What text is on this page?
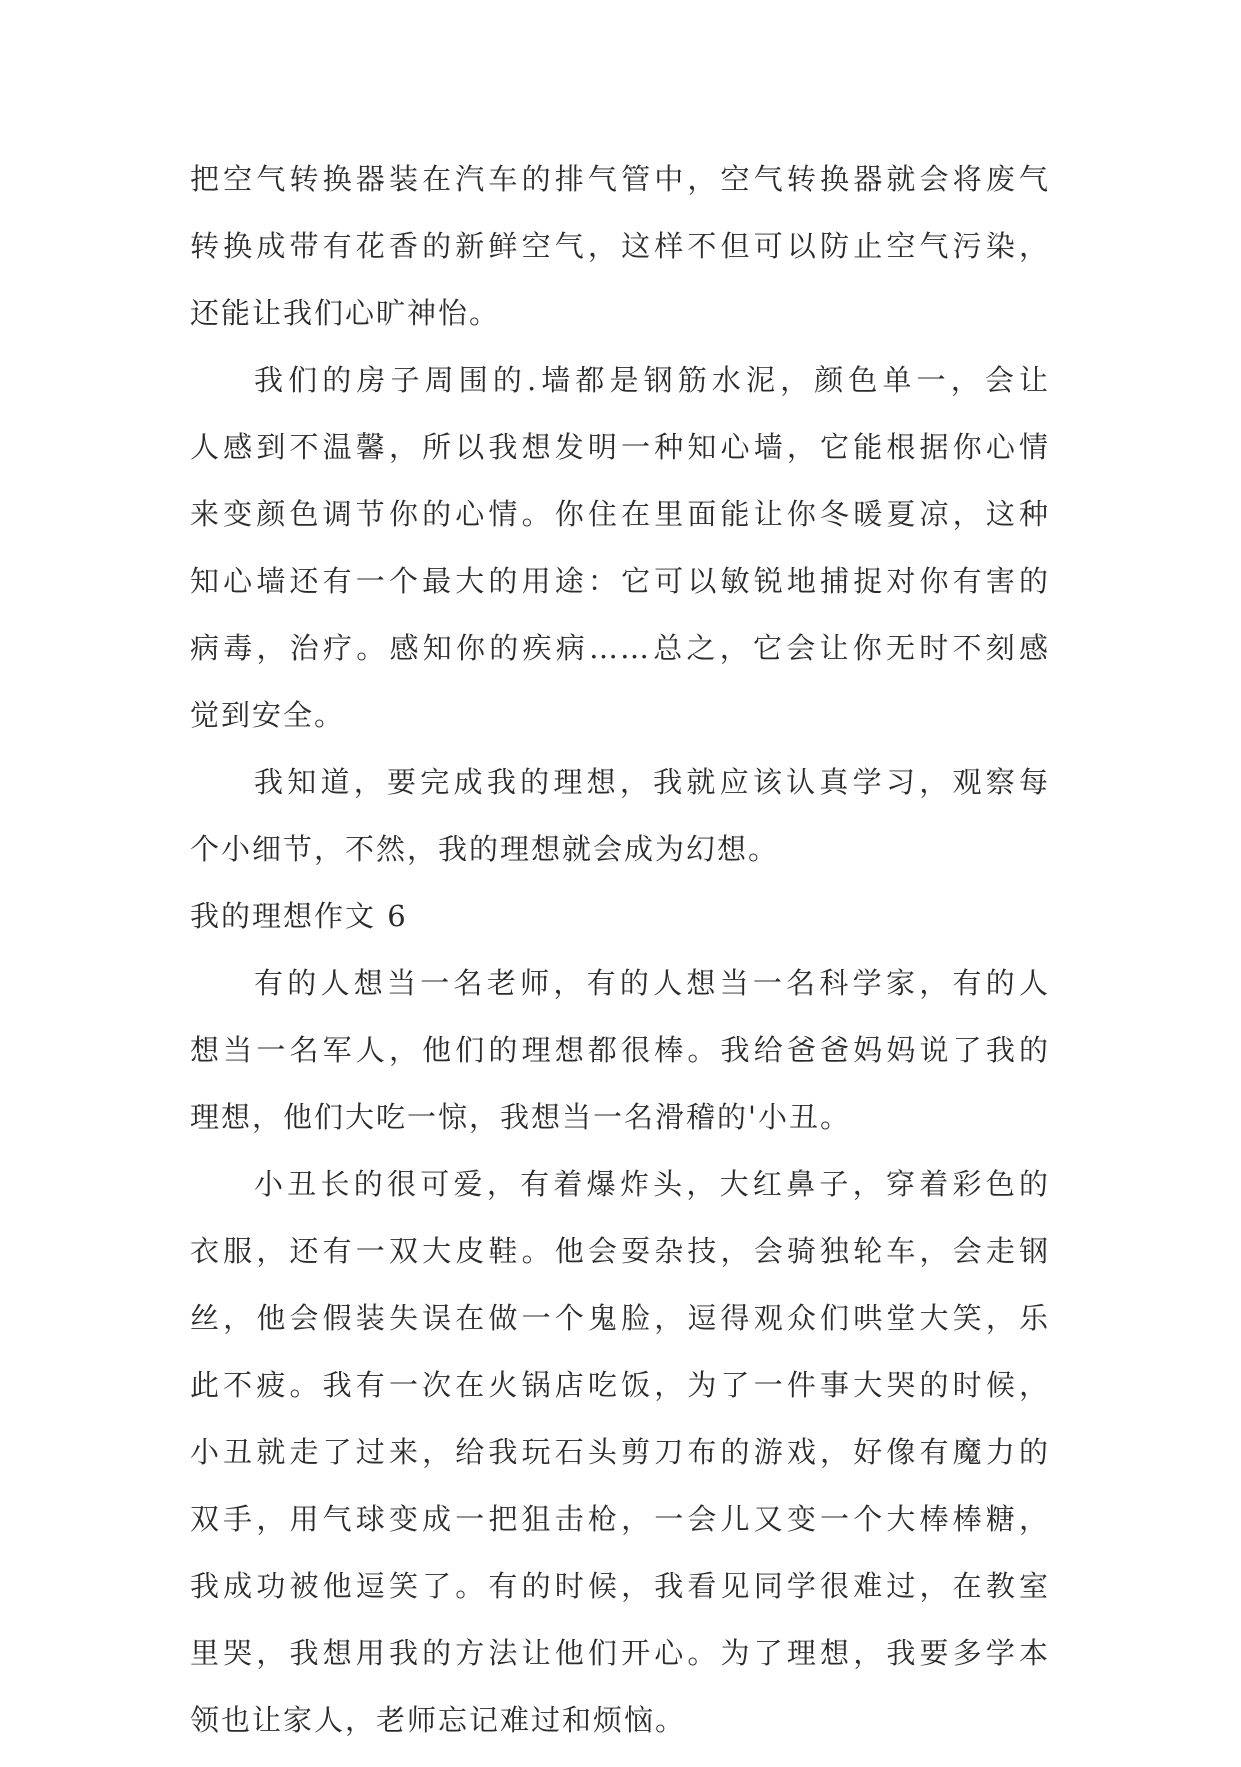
把空气转换器装在汽车的排气管中，空气转换器就会将废气
转换成带有花香的新鲜空气，这样不但可以防止空气污染，
还能让我们心旷神怡。
我们的房子周围的.墙都是钢筋水泥，颜色单一，会让
人感到不温馨，所以我想发明一种知心墙，它能根据你心情
来变颜色调节你的心情。你住在里面能让你冬暖夏凉，这种
知心墙还有一个最大的用途：它可以敏锐地捕捉对你有害的
病毒，治疗。感知你的疾病……总之，它会让你无时不刻感
觉到安全。
我知道，要完成我的理想，我就应该认真学习，观察每
个小细节，不然，我的理想就会成为幻想。
我的理想作文 6
有的人想当一名老师，有的人想当一名科学家，有的人
想当一名军人，他们的理想都很棒。我给爸爸妈妈说了我的
理想，他们大吃一惊，我想当一名滑稽的'小丑。
小丑长的很可爱，有着爆炸头，大红鼻子，穿着彩色的
衣服，还有一双大皮鞋。他会耍杂技，会骑独轮车，会走钢
丝，他会假装失误在做一个鬼脸，逗得观众们哄堂大笑，乐
此不疲。我有一次在火锅店吃饭，为了一件事大哭的时候，
小丑就走了过来，给我玩石头剪刀布的游戏，好像有魔力的
双手，用气球变成一把狙击枪，一会儿又变一个大棒棒糖，
我成功被他逗笑了。有的时候，我看见同学很难过，在教室
里哭，我想用我的方法让他们开心。为了理想，我要多学本
领也让家人，老师忘记难过和烦恼。
